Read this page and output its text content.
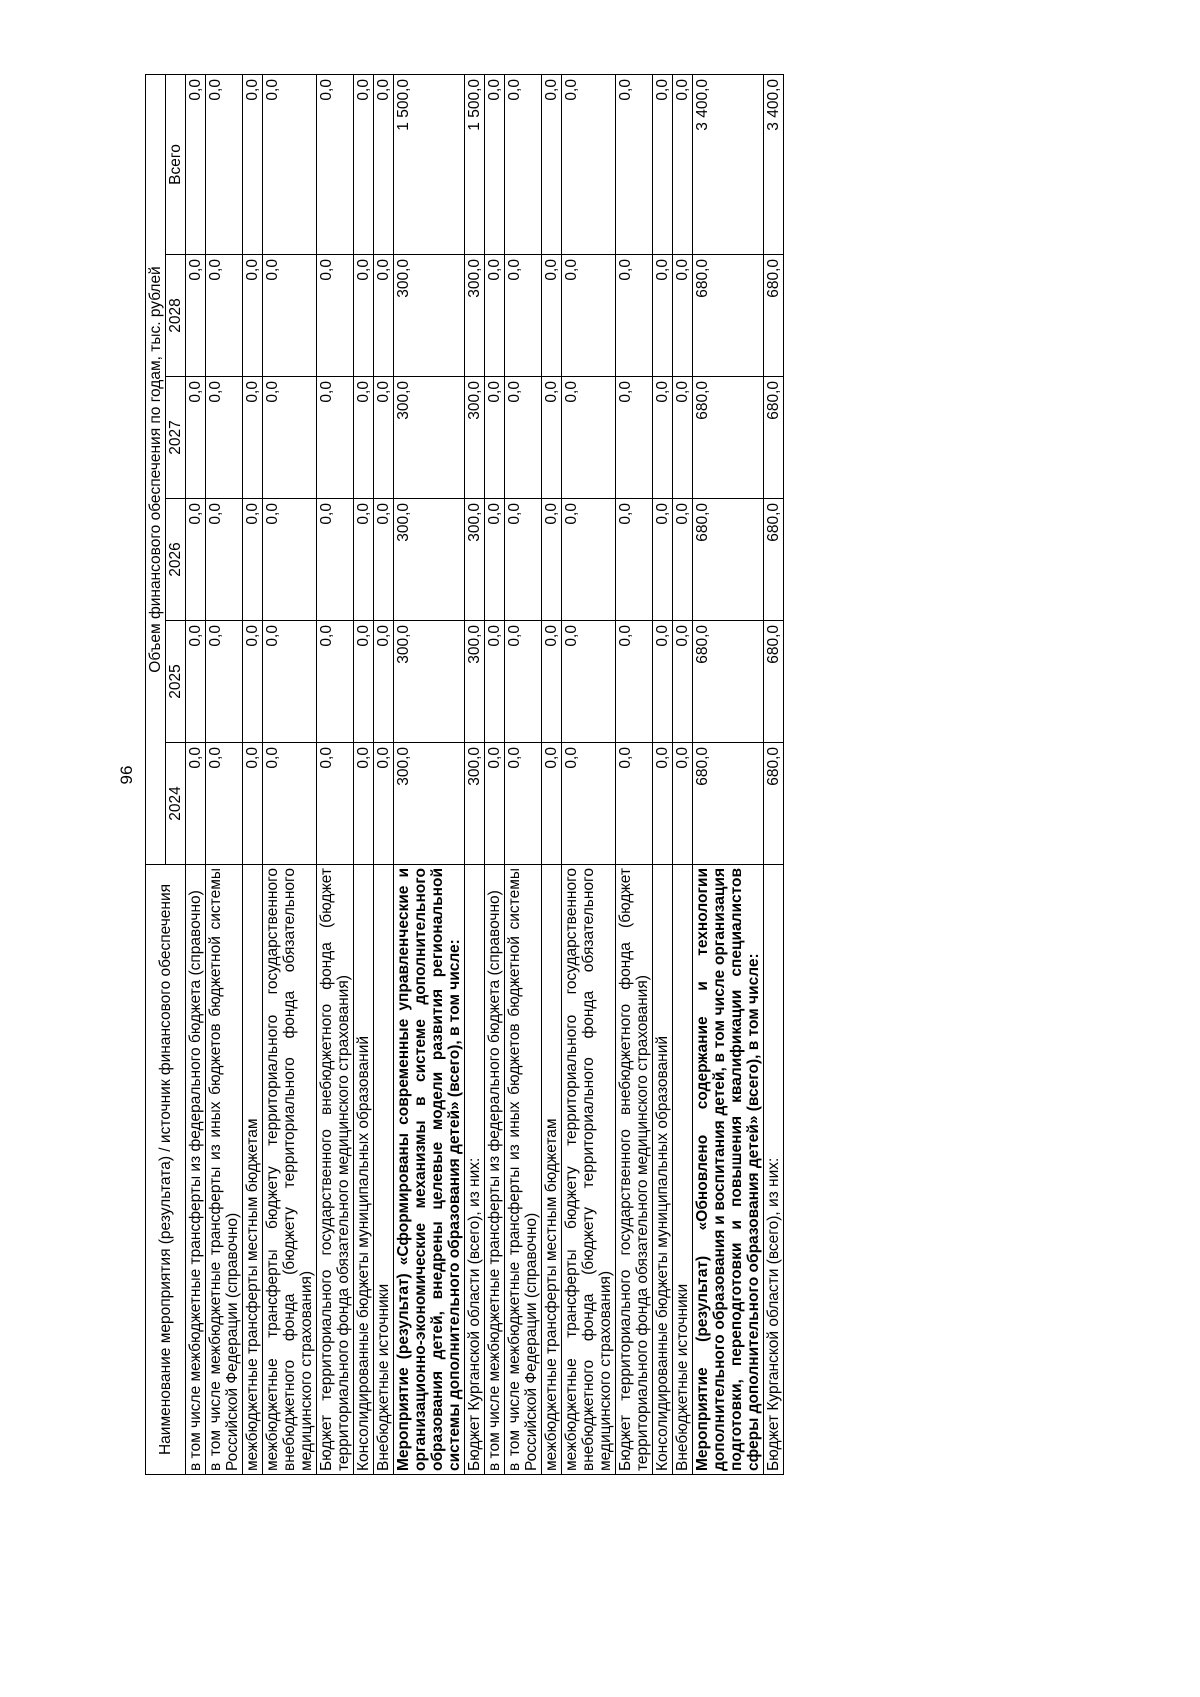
96
Наименование мероприятия (результата) / источник финансового обеспечения	Объем финансового обеспечения по годам, тыс. рублей					
	2024	2025	2026	2027	2028	Всего
в том числе межбюджетные трансферты из федерального бюджета (справочно)	0,0	0,0	0,0	0,0	0,0	0,0
в том числе межбюджетные трансферты из иных бюджетов бюджетной системы Российской Федерации (справочно)	0,0	0,0	0,0	0,0	0,0	0,0
межбюджетные трансферты местным бюджетам	0,0	0,0	0,0	0,0	0,0	0,0
межбюджетные трансферты бюджету территориального государственного внебюджетного фонда (бюджету территориального фонда обязательного медицинского страхования)	0,0	0,0	0,0	0,0	0,0	0,0
Бюджет территориального государственного внебюджетного фонда (бюджет территориального фонда обязательного медицинского страхования)	0,0	0,0	0,0	0,0	0,0	0,0
Консолидированные бюджеты муниципальных образований	0,0	0,0	0,0	0,0	0,0	0,0
Внебюджетные источники	0,0	0,0	0,0	0,0	0,0	0,0
Мероприятие (результат) «Сформированы современные управленческие и организационно-экономические механизмы в системе дополнительного образования детей, внедрены целевые модели развития региональной системы дополнительного образования детей» (всего), в том числе:	300,0	300,0	300,0	300,0	300,0	1 500,0
Бюджет Курганской области (всего), из них:	300,0	300,0	300,0	300,0	300,0	1 500,0
в том числе межбюджетные трансферты из федерального бюджета (справочно)	0,0	0,0	0,0	0,0	0,0	0,0
в том числе межбюджетные трансферты из иных бюджетов бюджетной системы Российской Федерации (справочно)	0,0	0,0	0,0	0,0	0,0	0,0
межбюджетные трансферты местным бюджетам	0,0	0,0	0,0	0,0	0,0	0,0
межбюджетные трансферты бюджету территориального государственного внебюджетного фонда (бюджету территориального фонда обязательного медицинского страхования)	0,0	0,0	0,0	0,0	0,0	0,0
Бюджет территориального государственного внебюджетного фонда (бюджет территориального фонда обязательного медицинского страхования)	0,0	0,0	0,0	0,0	0,0	0,0
Консолидированные бюджеты муниципальных образований	0,0	0,0	0,0	0,0	0,0	0,0
Внебюджетные источники	0,0	0,0	0,0	0,0	0,0	0,0
Мероприятие (результат) «Обновлено содержание и технологии дополнительного образования и воспитания детей, в том числе организация подготовки, переподготовки и повышения квалификации специалистов сферы дополнительного образования детей» (всего), в том числе:	680,0	680,0	680,0	680,0	680,0	3 400,0
Бюджет Курганской области (всего), из них:	680,0	680,0	680,0	680,0	680,0	3 400,0
